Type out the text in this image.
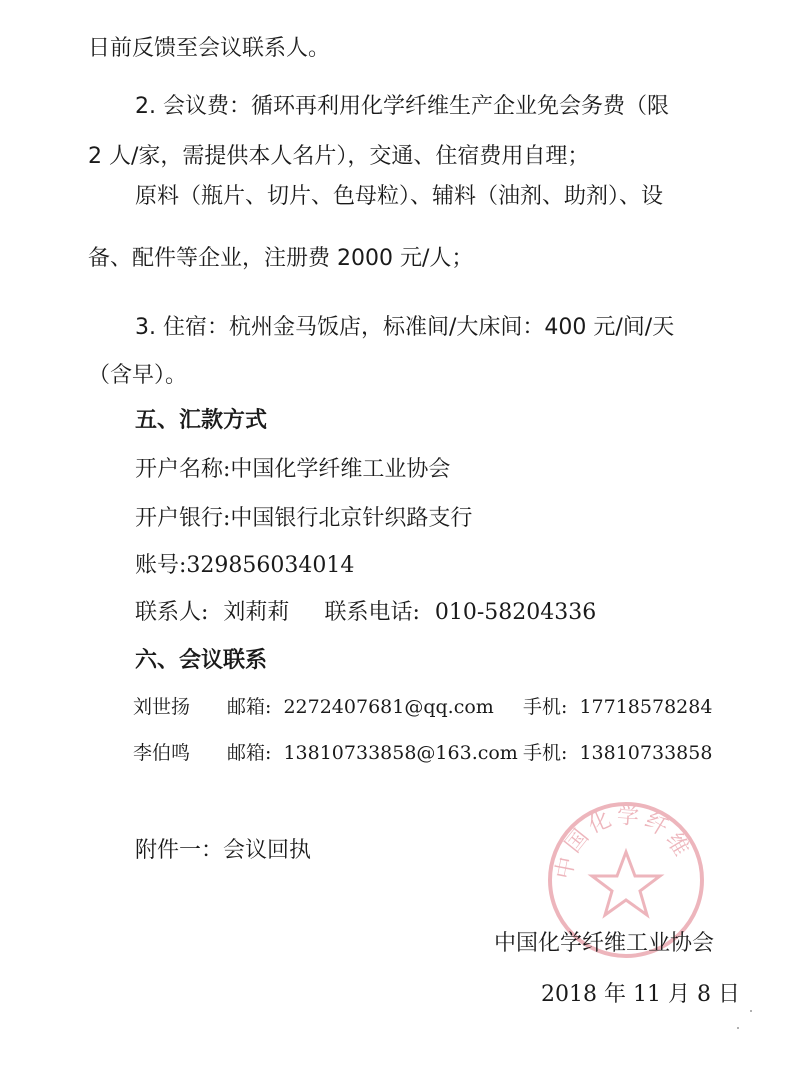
日前反馈至会议联系人。
2. 会议费：循环再利用化学纤维生产企业免会务费（限
2 人/家，需提供本人名片），交通、住宿费用自理；
原料（瓶片、切片、色母粒）、辅料（油剂、助剂）、设
备、配件等企业，注册费 2000 元/人；
3. 住宿：杭州金马饭店，标准间/大床间：400 元/间/天
（含早）。
五、汇款方式
开户名称:中国化学纤维工业协会
开户银行:中国银行北京针织路支行
账号:329856034014
联系人: 刘莉莉 联系电话: 010-58204336
六、会议联系
刘世扬 邮箱: 2272407681@qq.com 手机: 17718578284
李伯鸣 邮箱: 13810733858@163.com 手机: 13810733858
附件一：会议回执
中国化学纤维
中国化学纤维工业协会
2018 年 11 月 8 日
